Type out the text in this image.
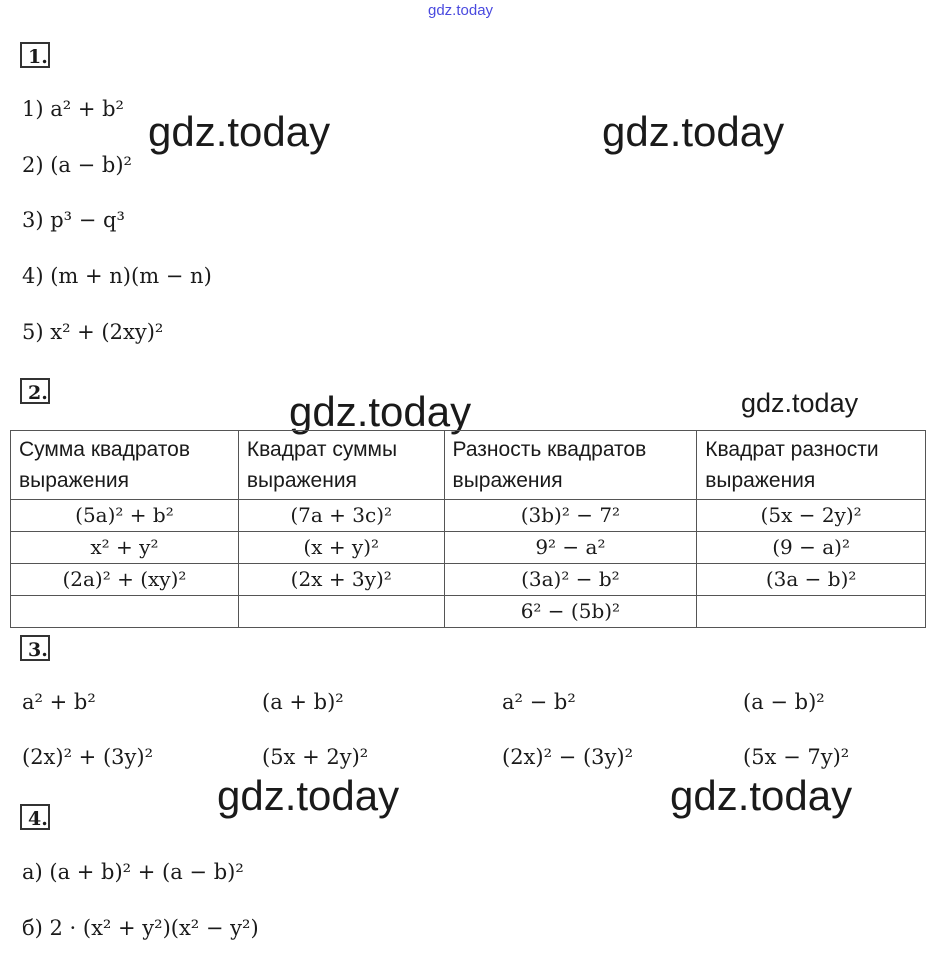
gdz.today
1.
1) a² + b²
2) (a − b)²
3) p³ − q³
4) (m + n)(m − n)
5) x² + (2xy)²
gdz.today	gdz.today
2.	gdz.today	gdz.today
Сумма квадратов выражения	Квадрат суммы выражения	Разность квадратов выражения	Квадрат разности выражения
(5a)² + b²	(7a + 3c)²	(3b)² − 7²	(5x − 2y)²
x² + y²	(x + y)²	9² − a²	(9 − a)²
(2a)² + (xy)²	(2x + 3y)²	(3a)² − b²	(3a − b)²
		6² − (5b)²	
3.
a² + b²	(a + b)²	a² − b²	(a − b)²
(2x)² + (3y)²	(5x + 2y)²	(2x)² − (3y)²	(5x − 7y)²
gdz.today	gdz.today
4.
а) (a + b)² + (a − b)²
б) 2 · (x² + y²)(x² − y²)
